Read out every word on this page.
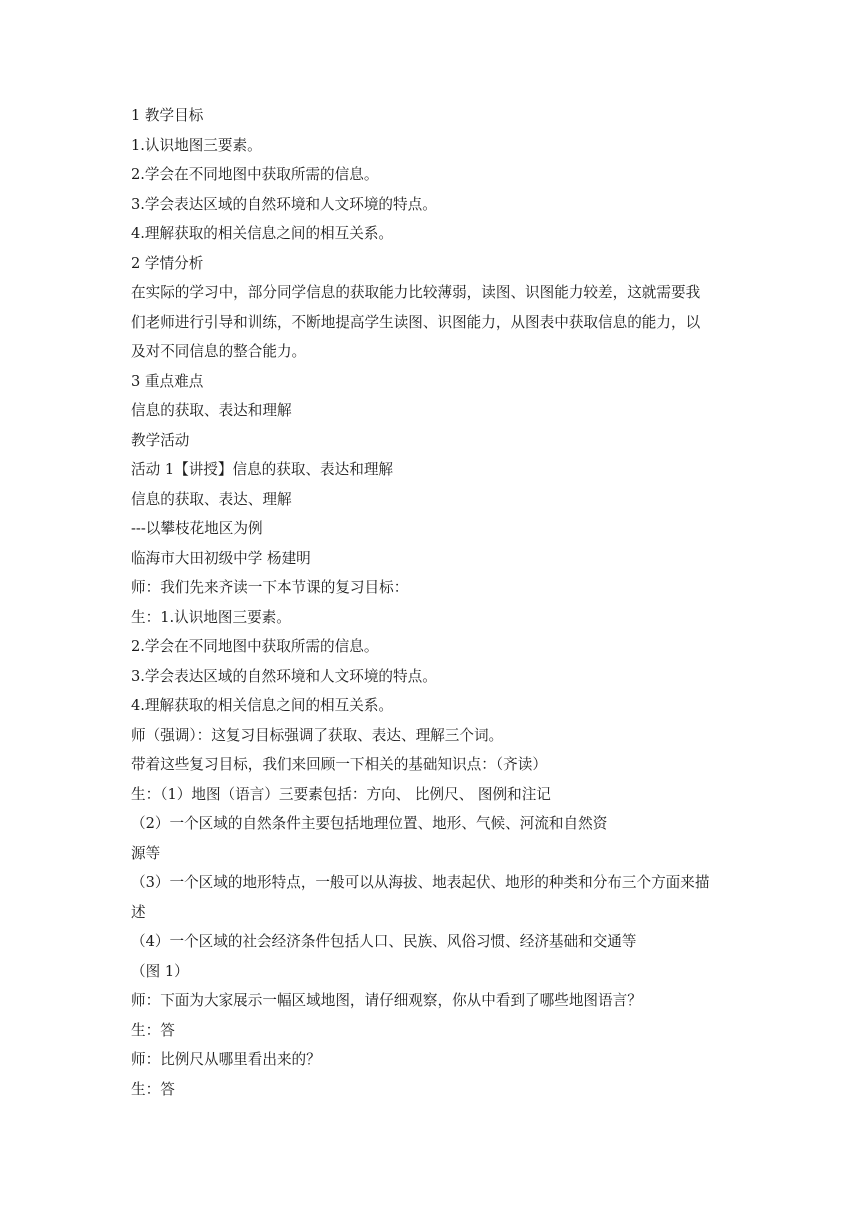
1 教学目标
1.认识地图三要素。
2.学会在不同地图中获取所需的信息。
3.学会表达区域的自然环境和人文环境的特点。
4.理解获取的相关信息之间的相互关系。
2 学情分析
在实际的学习中，部分同学信息的获取能力比较薄弱，读图、识图能力较差，这就需要我
们老师进行引导和训练，不断地提高学生读图、识图能力，从图表中获取信息的能力，以
及对不同信息的整合能力。
3 重点难点
信息的获取、表达和理解
教学活动
活动 1【讲授】信息的获取、表达和理解
信息的获取、表达、理解
---以攀枝花地区为例
临海市大田初级中学 杨建明
师：我们先来齐读一下本节课的复习目标：
生：1.认识地图三要素。
2.学会在不同地图中获取所需的信息。
3.学会表达区域的自然环境和人文环境的特点。
4.理解获取的相关信息之间的相互关系。
师（强调）：这复习目标强调了获取、表达、理解三个词。
带着这些复习目标，我们来回顾一下相关的基础知识点：（齐读）
生：（1）地图（语言）三要素包括：方向、 比例尺、 图例和注记
（2）一个区域的自然条件主要包括地理位置、地形、气候、河流和自然资
源等
（3）一个区域的地形特点，一般可以从海拔、地表起伏、地形的种类和分布三个方面来描
述
（4）一个区域的社会经济条件包括人口、民族、风俗习惯、经济基础和交通等
（图 1）
师：下面为大家展示一幅区域地图，请仔细观察，你从中看到了哪些地图语言？
生：答
师：比例尺从哪里看出来的？
生：答
